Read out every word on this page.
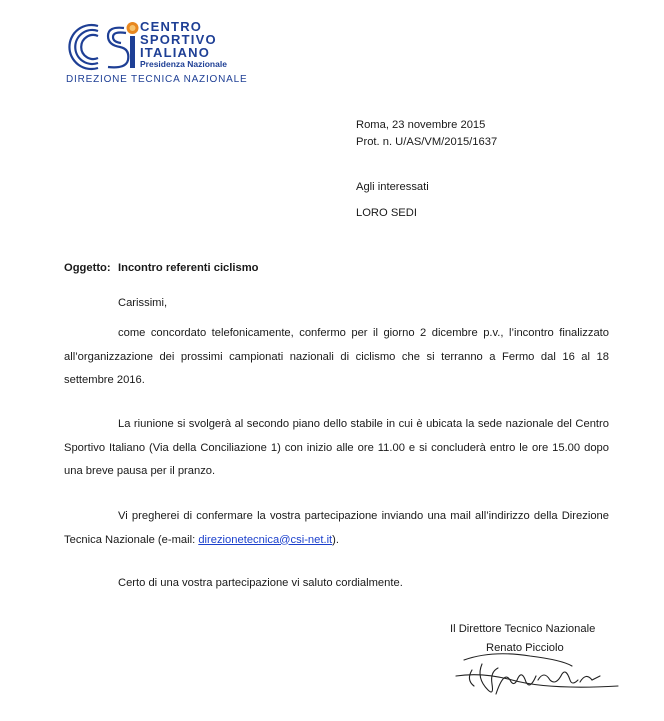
CENTRO
SPORTIVO
ITALIANO
Presidenza Nazionale
DIREZIONE TECNICA NAZIONALE
Roma, 23 novembre 2015
Prot. n. U/AS/VM/2015/1637
Agli interessati
LORO SEDI
Oggetto: Incontro referenti ciclismo
Carissimi,
come concordato telefonicamente, confermo per il giorno 2 dicembre p.v., l’incontro finalizzato all’organizzazione dei prossimi campionati nazionali di ciclismo che si terranno a Fermo dal 16 al 18 settembre 2016.
La riunione si svolgerà al secondo piano dello stabile in cui è ubicata la sede nazionale del Centro Sportivo Italiano (Via della Conciliazione 1) con inizio alle ore 11.00 e si concluderà entro le ore 15.00 dopo una breve pausa per il pranzo.
Vi pregherei di confermare la vostra partecipazione inviando una mail all’indirizzo della Direzione Tecnica Nazionale (e-mail: direzionetecnica@csi-net.it).
Certo di una vostra partecipazione vi saluto cordialmente.
Il Direttore Tecnico Nazionale
Renato Picciolo
